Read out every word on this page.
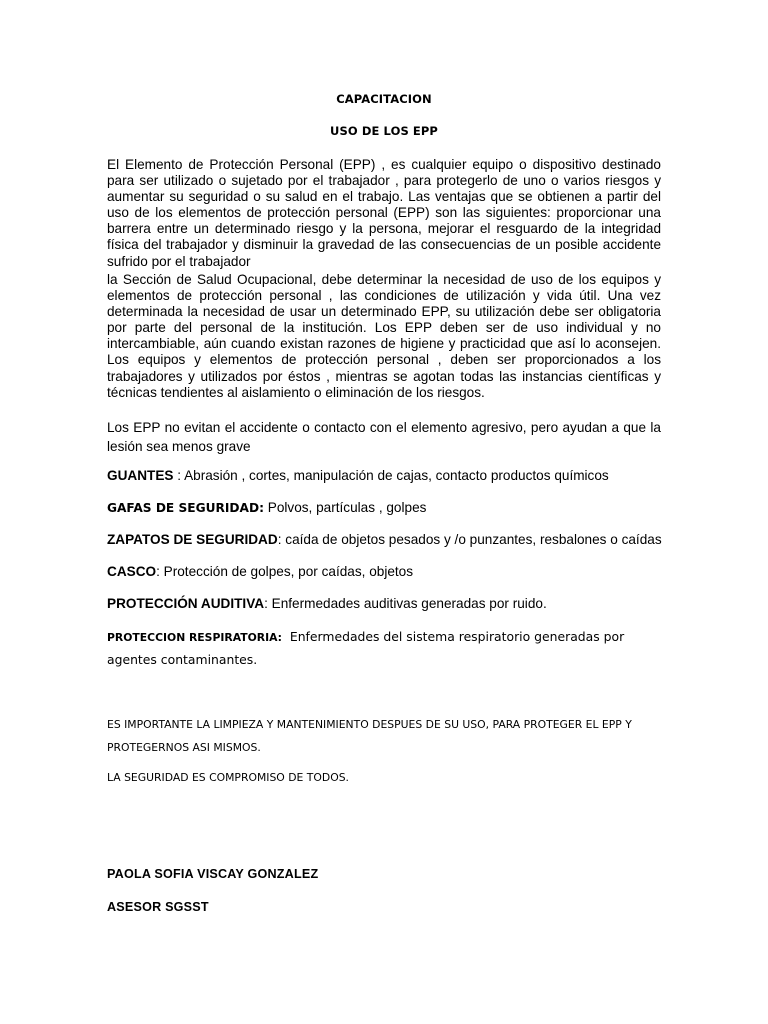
CAPACITACION
USO DE LOS EPP

El Elemento de Protección Personal (EPP) , es cualquier equipo o dispositivo destinado para ser utilizado o sujetado por el trabajador , para protegerlo de uno o varios riesgos y aumentar su seguridad o su salud en el trabajo. Las ventajas que se obtienen a partir del uso de los elementos de protección personal (EPP) son las siguientes: proporcionar una barrera entre un determinado riesgo y la persona, mejorar el resguardo de la integridad física del trabajador y disminuir la gravedad de las consecuencias de un posible accidente sufrido por el trabajador

la Sección de Salud Ocupacional, debe determinar la necesidad de uso de los equipos y elementos de protección personal , las condiciones de utilización y vida útil. Una vez determinada la necesidad de usar un determinado EPP, su utilización debe ser obligatoria por parte del personal de la institución. Los EPP deben ser de uso individual y no intercambiable, aún cuando existan razones de higiene y practicidad que así lo aconsejen. Los equipos y elementos de protección personal , deben ser proporcionados a los trabajadores y utilizados por éstos , mientras se agotan todas las instancias científicas y técnicas tendientes al aislamiento o eliminación de los riesgos.

Los EPP no evitan el accidente o contacto con el elemento agresivo, pero ayudan a que la lesión sea menos grave

GUANTES : Abrasión , cortes, manipulación de cajas, contacto productos químicos

GAFAS DE SEGURIDAD: Polvos, partículas , golpes

ZAPATOS DE SEGURIDAD: caída de objetos pesados y /o punzantes, resbalones o caídas

CASCO: Protección de golpes, por caídas, objetos

PROTECCIÓN AUDITIVA: Enfermedades auditivas generadas por ruido.

PROTECCION RESPIRATORIA: Enfermedades del sistema respiratorio generadas por agentes contaminantes.

ES IMPORTANTE LA LIMPIEZA Y MANTENIMIENTO DESPUES DE SU USO, PARA PROTEGER EL EPP Y PROTEGERNOS ASI MISMOS.

LA SEGURIDAD ES COMPROMISO DE TODOS.

PAOLA SOFIA VISCAY GONZALEZ

ASESOR SGSST
